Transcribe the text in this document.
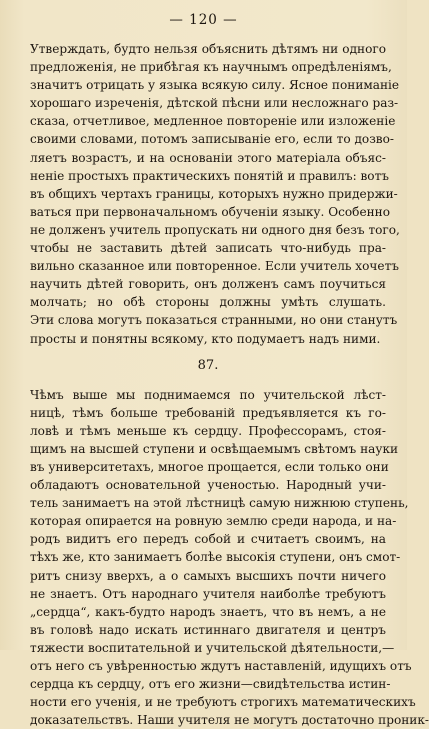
— 120 —
Утверждать, будто нельзя объяснить дѣтямъ ни одного
предложенія, не прибѣгая къ научнымъ опредѣленіямъ,
значитъ отрицать у языка всякую силу. Ясное пониманіе
хорошаго изреченія, дѣтской пѣсни или несложнаго раз-
сказа, отчетливое, медленное повтореніе или изложеніе
своими словами, потомъ записываніе его, если то дозво-
ляетъ возрастъ, и на основаніи этого матеріала объяс-
неніе простыхъ практическихъ понятій и правилъ: вотъ
въ общихъ чертахъ границы, которыхъ нужно придержи-
ваться при первоначальномъ обученіи языку. Особенно
не долженъ учитель пропускать ни одного дня безъ того,
чтобы не заставить дѣтей записать что-нибудь пра-
вильно сказанное или повторенное. Если учитель хочетъ
научить дѣтей говорить, онъ долженъ самъ поучиться
молчать; но обѣ стороны должны умѣть слушать.
Эти слова могутъ показаться странными, но они станутъ
просты и понятны всякому, кто подумаетъ надъ ними.
87.
Чѣмъ выше мы поднимаемся по учительской лѣст-
ницѣ, тѣмъ больше требованій предъявляется къ го-
ловѣ и тѣмъ меньше къ сердцу. Профессорамъ, стоя-
щимъ на высшей ступени и освѣщаемымъ свѣтомъ науки
въ университетахъ, многое прощается, если только они
обладаютъ основательной ученостью. Народный учи-
тель занимаетъ на этой лѣстницѣ самую нижнюю ступень,
которая опирается на ровную землю среди народа, и на-
родъ видитъ его передъ собой и считаетъ своимъ, на
тѣхъ же, кто занимаетъ болѣе высокія ступени, онъ смот-
ритъ снизу вверхъ, а о самыхъ высшихъ почти ничего
не знаетъ. Отъ народнаго учителя наиболѣе требуютъ
„сердца“, какъ-будто народъ знаетъ, что въ немъ, а не
въ головѣ надо искать истиннаго двигателя и центръ
тяжести воспитательной и учительской дѣятельности,—
отъ него съ увѣренностью ждутъ наставленій, идущихъ отъ
сердца къ сердцу, отъ его жизни—свидѣтельства истин-
ности его ученія, и не требуютъ строгихъ математическихъ
доказательствъ. Наши учителя не могутъ достаточно проник-
